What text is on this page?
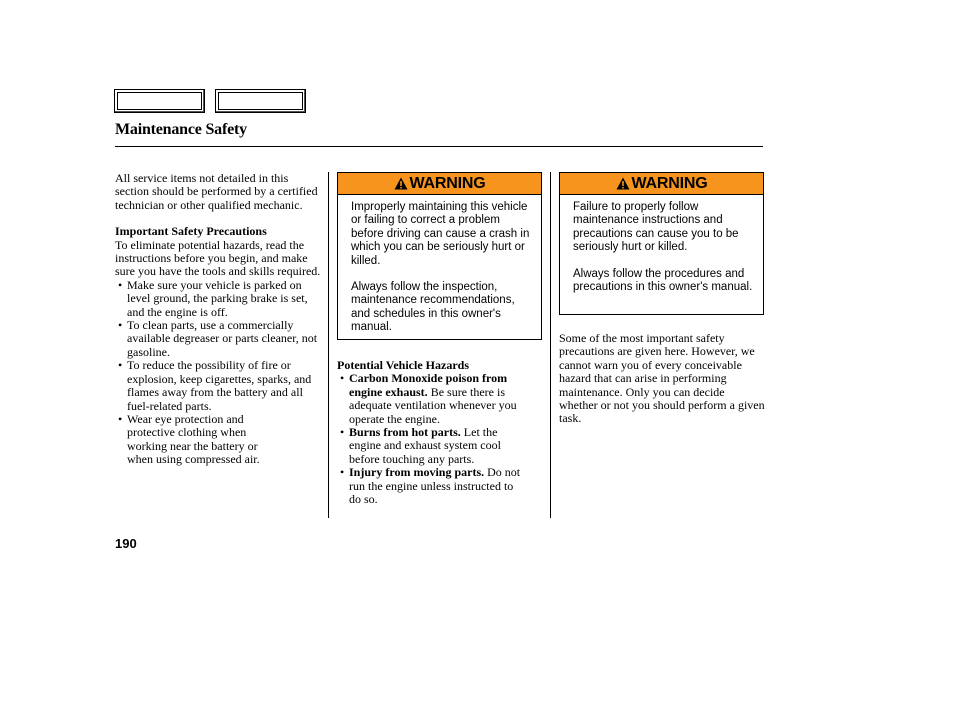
Maintenance Safety

All service items not detailed in this section should be performed by a certified technician or other qualified mechanic.

Important Safety Precautions

To eliminate potential hazards, read the instructions before you begin, and make sure you have the tools and skills required.

• Make sure your vehicle is parked on level ground, the parking brake is set, and the engine is off.
• To clean parts, use a commercially available degreaser or parts cleaner, not gasoline.
• To reduce the possibility of fire or explosion, keep cigarettes, sparks, and flames away from the battery and all fuel-related parts.
• Wear eye protection and protective clothing when working near the battery or when using compressed air.
WARNING

Improperly maintaining this vehicle or failing to correct a problem before driving can cause a crash in which you can be seriously hurt or killed.

Always follow the inspection, maintenance recommendations, and schedules in this owner's manual.

Potential Vehicle Hazards

• Carbon Monoxide poison from engine exhaust. Be sure there is adequate ventilation whenever you operate the engine.
• Burns from hot parts. Let the engine and exhaust system cool before touching any parts.
• Injury from moving parts. Do not run the engine unless instructed to do so.
WARNING

Failure to properly follow maintenance instructions and precautions can cause you to be seriously hurt or killed.

Always follow the procedures and precautions in this owner's manual.

Some of the most important safety precautions are given here. However, we cannot warn you of every conceivable hazard that can arise in performing maintenance. Only you can decide whether or not you should perform a given task.

190
